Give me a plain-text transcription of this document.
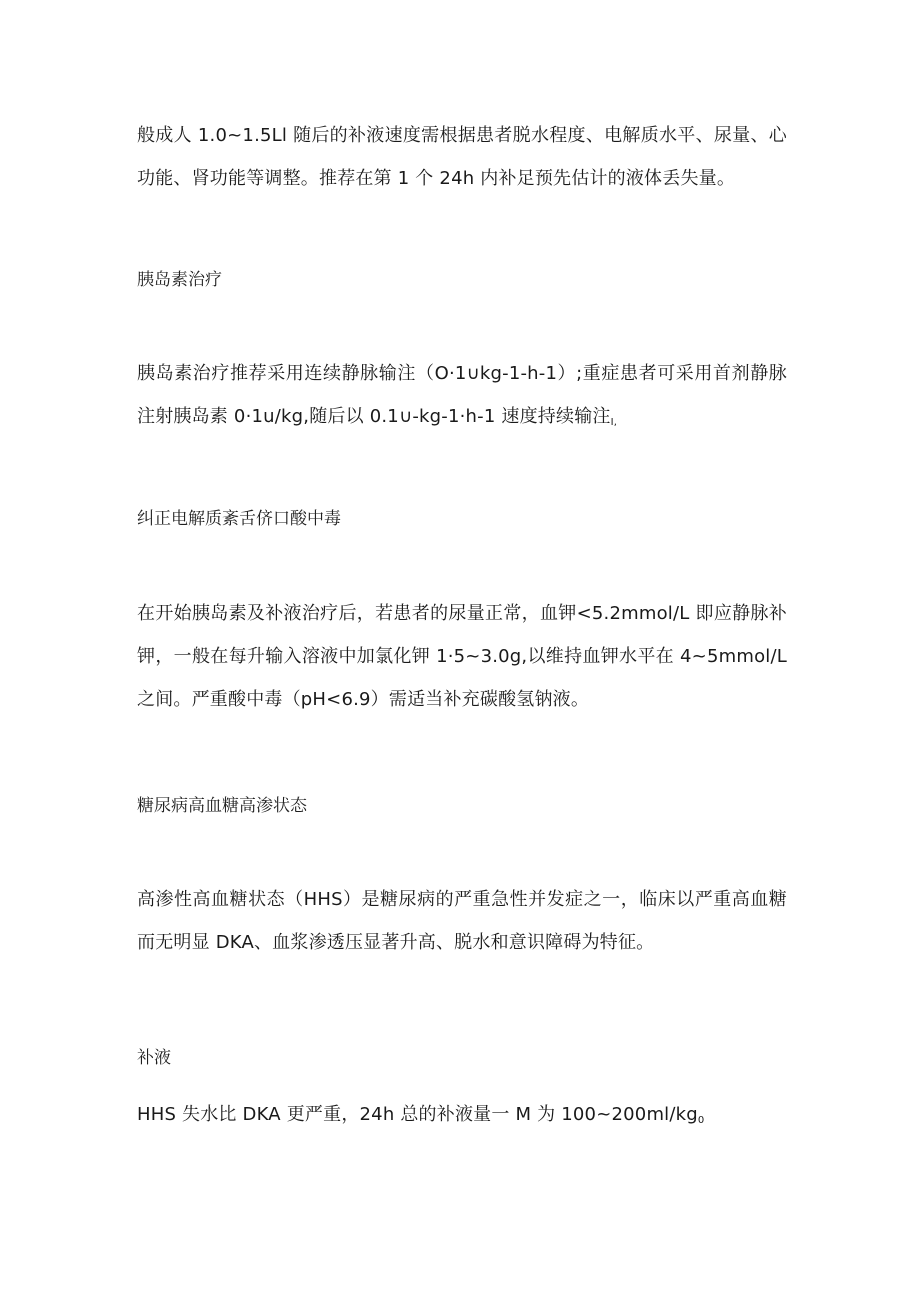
般成人 1.0~1.5Ll 随后的补液速度需根据患者脱水程度、电解质水平、尿量、心功能、肾功能等调整。推荐在第 1 个 24h 内补足预先估计的液体丢失量。

胰岛素治疗

胰岛素治疗推荐采用连续静脉输注（O·1∪kg-1-h-1）;重症患者可采用首剂静脉注射胰岛素 0·1u/kg,随后以 0.1∪-kg-1·h-1 速度持续输注$_{I,}$

纠正电解质紊舌侪口酸中毒

在开始胰岛素及补液治疗后，若患者的尿量正常，血钾<5.2mmol/L 即应静脉补钾，一般在每升输入溶液中加氯化钾 1·5~3.0g,以维持血钾水平在 4~5mmol/L 之间。严重酸中毒（pH<6.9）需适当补充碳酸氢钠液。

糖尿病高血糖高渗状态

高渗性高血糖状态（HHS）是糖尿病的严重急性并发症之一，临床以严重高血糖而无明显 DKA、血浆渗透压显著升高、脱水和意识障碍为特征。

补液

HHS 失水比 DKA 更严重，24h 总的补液量一 M 为 $100\sim 200ml∕kg_0$
